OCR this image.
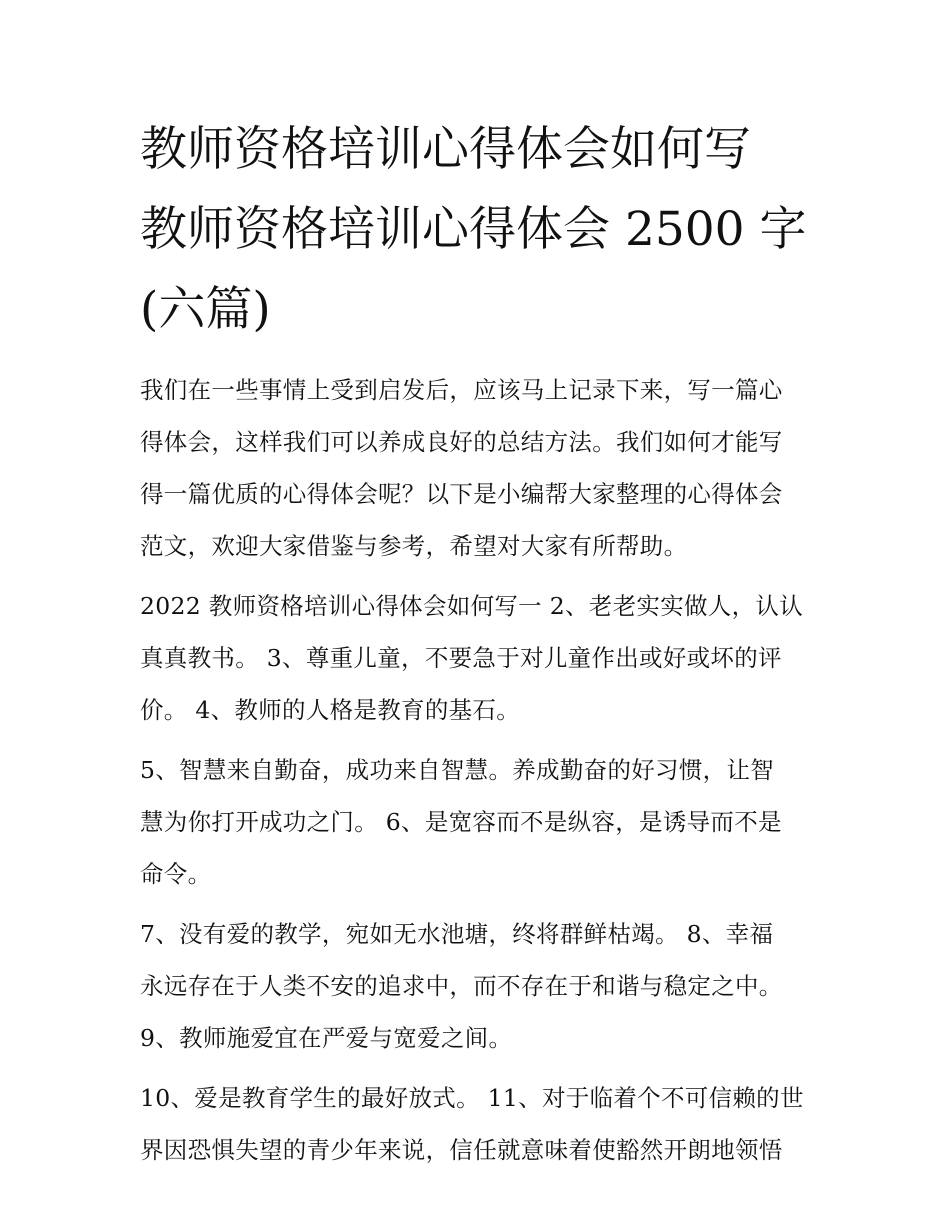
教师资格培训心得体会如何写
教师资格培训心得体会 2500 字
(六篇)

我们在一些事情上受到启发后，应该马上记录下来，写一篇心
得体会，这样我们可以养成良好的总结方法。我们如何才能写
得一篇优质的心得体会呢？以下是小编帮大家整理的心得体会
范文，欢迎大家借鉴与参考，希望对大家有所帮助。

2022 教师资格培训心得体会如何写一 2、老老实实做人，认认
真真教书。 3、尊重儿童，不要急于对儿童作出或好或坏的评
价。 4、教师的人格是教育的基石。

5、智慧来自勤奋，成功来自智慧。养成勤奋的好习惯，让智
慧为你打开成功之门。 6、是宽容而不是纵容，是诱导而不是
命令。

7、没有爱的教学，宛如无水池塘，终将群鲜枯竭。 8、幸福
永远存在于人类不安的追求中，而不存在于和谐与稳定之中。
9、教师施爱宜在严爱与宽爱之间。

10、爱是教育学生的最好放式。 11、对于临着个不可信赖的世
界因恐惧失望的青少年来说，信任就意味着使豁然开朗地领悟
